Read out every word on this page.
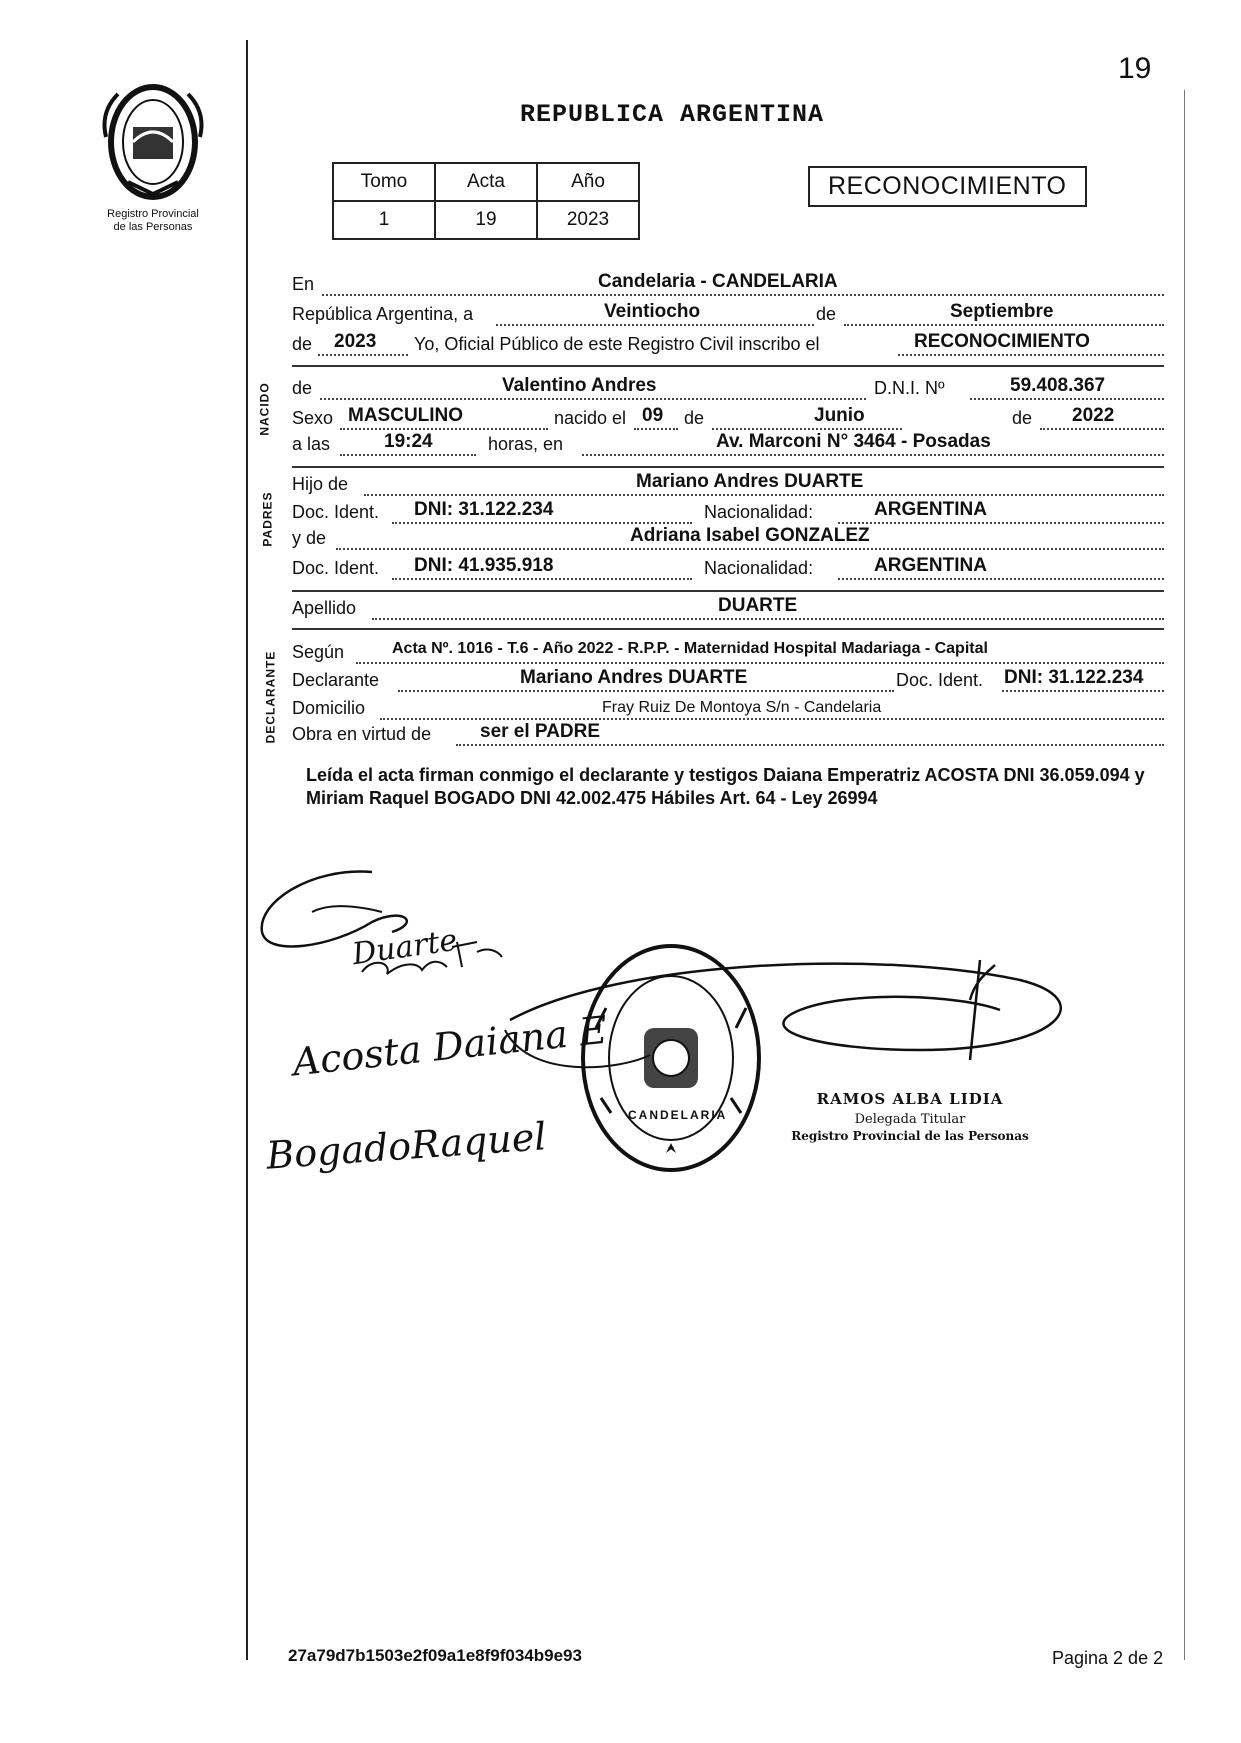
19
Registro Provincial
de las Personas
REPUBLICA ARGENTINA
Tomo	Acta	Año
1	19	2023
RECONOCIMIENTO
NACIDO
PADRES
DECLARANTE
En	Candelaria - CANDELARIA
República Argentina, a	Veintiocho	de	Septiembre
de 2023 Yo, Oficial Público de este Registro Civil inscribo el	RECONOCIMIENTO
de	Valentino Andres	D.N.I. Nº	59.408.367
Sexo MASCULINO	nacido el 09 de	Junio	de 2022
a las	19:24	horas, en	Av. Marconi N° 3464 - Posadas
Hijo de	Mariano Andres DUARTE
Doc. Ident. DNI: 31.122.234	Nacionalidad:	ARGENTINA
y de	Adriana Isabel GONZALEZ
Doc. Ident. DNI: 41.935.918	Nacionalidad:	ARGENTINA
Apellido	DUARTE
Según	Acta Nº. 1016 - T.6 - Año 2022 - R.P.P. - Maternidad Hospital Madariaga - Capital
Declarante	Mariano Andres DUARTE	Doc. Ident. DNI: 31.122.234
Domicilio	Fray Ruiz De Montoya S/n - Candelaria
Obra en virtud de	ser el PADRE
Leída el acta firman conmigo el declarante y testigos Daiana Emperatriz ACOSTA DNI 36.059.094 y Miriam Raquel BOGADO DNI 42.002.475 Hábiles Art. 64 - Ley 26994
Duarte
Acosta Daiana E
BogadoRaquel	CANDELARIA
RAMOS ALBA LIDIA
Delegada Titular
Registro Provincial de las Personas
27a79d7b1503e2f09a1e8f9f034b9e93	Pagina 2 de 2
